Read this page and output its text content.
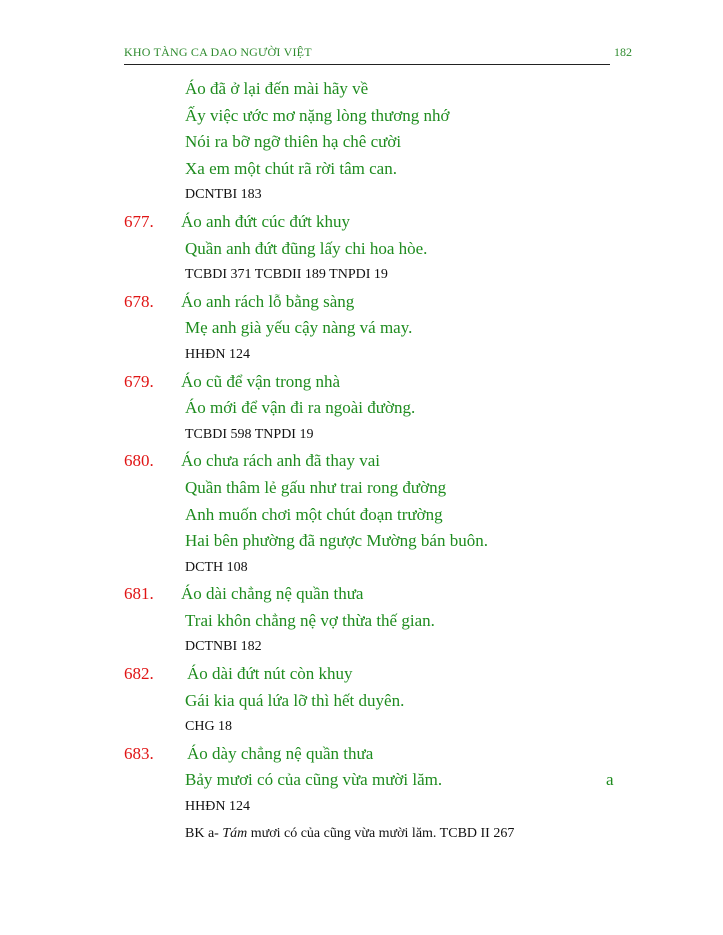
KHO TÀNG CA DAO NGƯỜI VIỆT	182
Áo đã ở lại đến mài hãy về
Ấy việc ước mơ nặng lòng thương nhớ
Nói ra bỡ ngỡ thiên hạ chê cười
Xa em một chút rã rời tâm can.
DCNTBI 183
677. Áo anh đứt cúc đứt khuy
Quần anh đứt đũng lấy chi hoa hòe.
TCBDI 371 TCBDII 189 TNPDI 19
678. Áo anh rách lỗ bằng sàng
Mẹ anh già yếu cậy nàng vá may.
HHĐN 124
679. Áo cũ để vận trong nhà
Áo mới để vận đi ra ngoài đường.
TCBDI 598 TNPDI 19
680. Áo chưa rách anh đã thay vai
Quần thâm lẻ gấu như trai rong đường
Anh muốn chơi một chút đoạn trường
Hai bên phường đã ngược Mường bán buôn.
DCTH 108
681. Áo dài chẳng nệ quần thưa
Trai khôn chẳng nệ vợ thừa thế gian.
DCTNBI 182
682. Áo dài đứt nút còn khuy
Gái kia quá lứa lỡ thì hết duyên.
CHG 18
683. Áo dày chẳng nệ quần thưa
Bảy mươi có của cũng vừa mười lăm.	a
HHĐN 124
BK a- Tám mươi có của cũng vừa mười lăm. TCBD II 267
